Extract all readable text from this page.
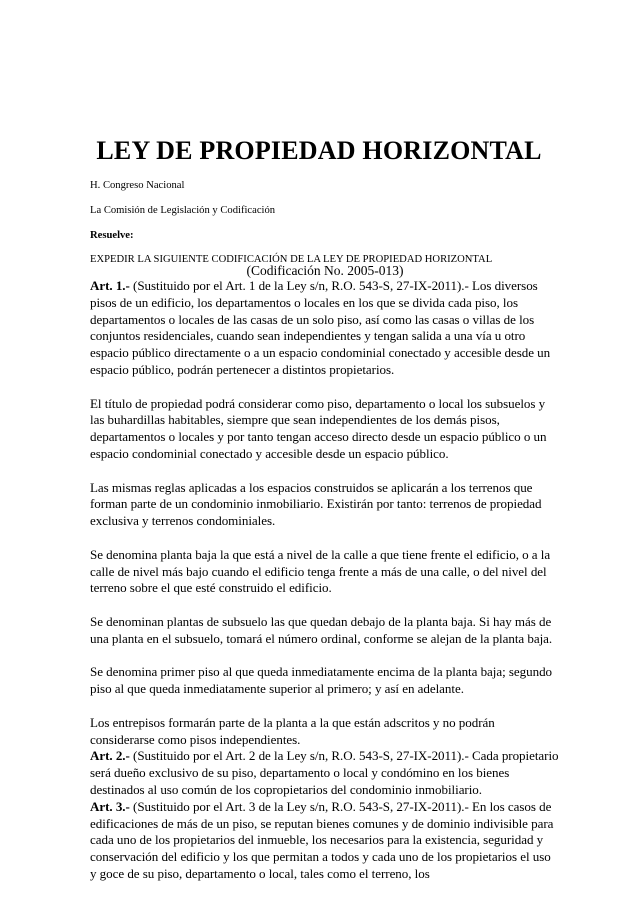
LEY DE PROPIEDAD HORIZONTAL
H. Congreso Nacional
La Comisión de Legislación y Codificación
Resuelve:
EXPEDIR LA SIGUIENTE CODIFICACIÓN DE LA LEY DE PROPIEDAD HORIZONTAL
(Codificación No. 2005-013)

Art. 1.- (Sustituido por el Art. 1 de la Ley s/n, R.O. 543-S, 27-IX-2011).- Los diversos pisos de un edificio, los departamentos o locales en los que se divida cada piso, los departamentos o locales de las casas de un solo piso, así como las casas o villas de los conjuntos residenciales, cuando sean independientes y tengan salida a una vía u otro espacio público directamente o a un espacio condominial conectado y accesible desde un espacio público, podrán pertenecer a distintos propietarios.

El título de propiedad podrá considerar como piso, departamento o local los subsuelos y las buhardillas habitables, siempre que sean independientes de los demás pisos, departamentos o locales y por tanto tengan acceso directo desde un espacio público o un espacio condominial conectado y accesible desde un espacio público.

Las mismas reglas aplicadas a los espacios construidos se aplicarán a los terrenos que forman parte de un condominio inmobiliario. Existirán por tanto: terrenos de propiedad exclusiva y terrenos condominiales.

Se denomina planta baja la que está a nivel de la calle a que tiene frente el edificio, o a la calle de nivel más bajo cuando el edificio tenga frente a más de una calle, o del nivel del terreno sobre el que esté construido el edificio.

Se denominan plantas de subsuelo las que quedan debajo de la planta baja. Si hay más de una planta en el subsuelo, tomará el número ordinal, conforme se alejan de la planta baja.

Se denomina primer piso al que queda inmediatamente encima de la planta baja; segundo piso al que queda inmediatamente superior al primero; y así en adelante.

Los entrepisos formarán parte de la planta a la que están adscritos y no podrán considerarse como pisos independientes.

Art. 2.- (Sustituido por el Art. 2 de la Ley s/n, R.O. 543-S, 27-IX-2011).- Cada propietario será dueño exclusivo de su piso, departamento o local y condómino en los bienes destinados al uso común de los copropietarios del condominio inmobiliario.

Art. 3.- (Sustituido por el Art. 3 de la Ley s/n, R.O. 543-S, 27-IX-2011).- En los casos de edificaciones de más de un piso, se reputan bienes comunes y de dominio indivisible para cada uno de los propietarios del inmueble, los necesarios para la existencia, seguridad y conservación del edificio y los que permitan a todos y cada uno de los propietarios el uso y goce de su piso, departamento o local, tales como el terreno, los
